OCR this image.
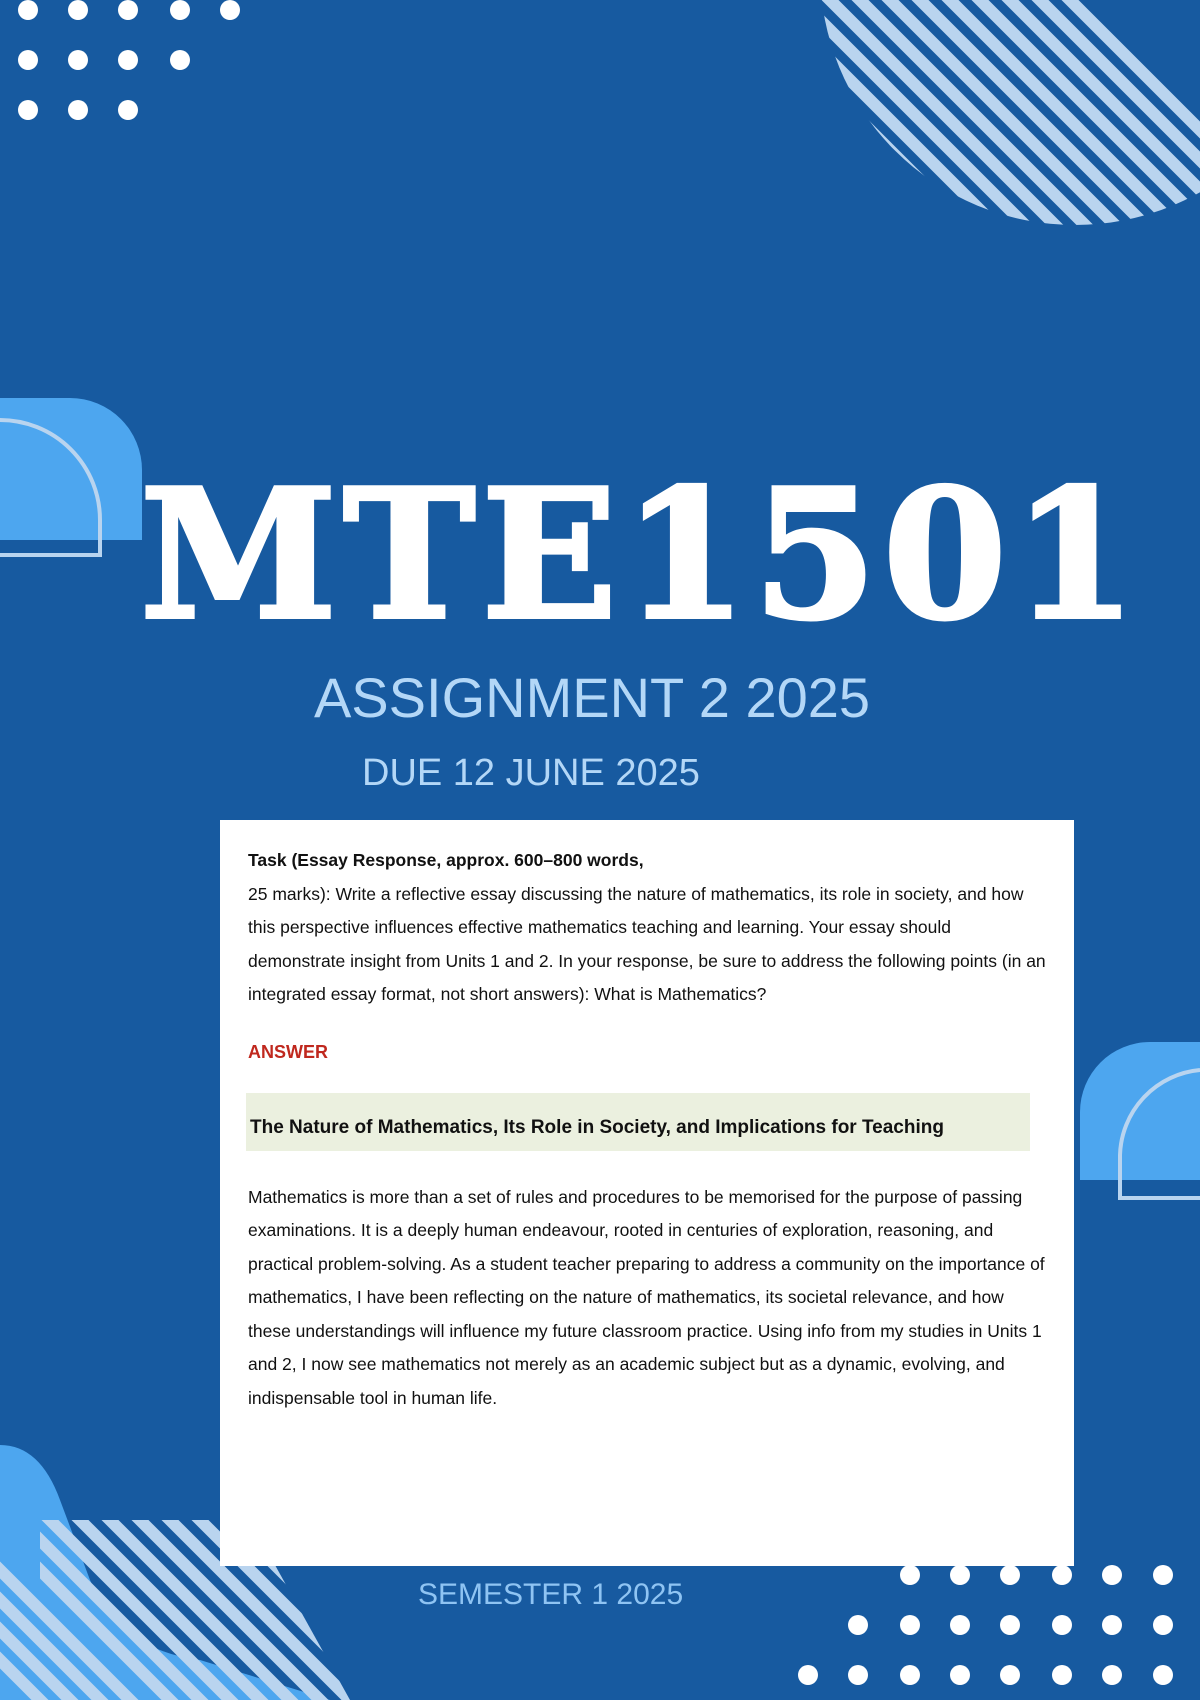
MTE1501
ASSIGNMENT 2 2025
DUE 12 JUNE 2025

Task (Essay Response, approx. 600–800 words,
25 marks): Write a reflective essay discussing the nature of mathematics, its role in society, and how this perspective influences effective mathematics teaching and learning. Your essay should demonstrate insight from Units 1 and 2. In your response, be sure to address the following points (in an integrated essay format, not short answers): What is Mathematics?

ANSWER
The Nature of Mathematics, Its Role in Society, and Implications for Teaching
Mathematics is more than a set of rules and procedures to be memorised for the purpose of passing examinations. It is a deeply human endeavour, rooted in centuries of exploration, reasoning, and practical problem-solving. As a student teacher preparing to address a community on the importance of mathematics, I have been reflecting on the nature of mathematics, its societal relevance, and how these understandings will influence my future classroom practice. Using info from my studies in Units 1 and 2, I now see mathematics not merely as an academic subject but as a dynamic, evolving, and indispensable tool in human life.
SEMESTER 1 2025
